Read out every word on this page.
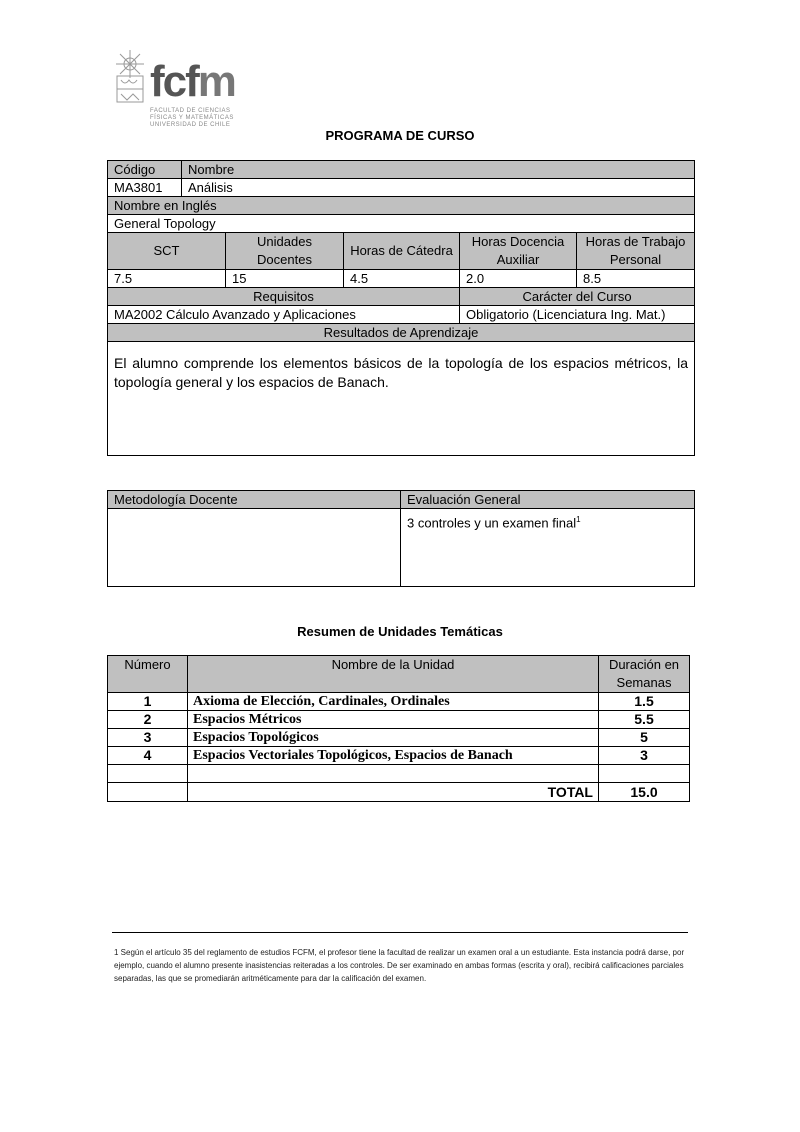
fcfm
FACULTAD DE CIENCIAS
FÍSICAS Y MATEMÁTICAS
UNIVERSIDAD DE CHILE
PROGRAMA DE CURSO
Código	Nombre				
MA3801	Análisis				
Nombre en Inglés					
General Topology					
SCT		Unidades Docentes	Horas de Cátedra	Horas Docencia Auxiliar	Horas de Trabajo Personal
7.5		15	4.5	2.0	8.5
Requisitos				Carácter del Curso	
MA2002 Cálculo Avanzado y Aplicaciones				Obligatorio (Licenciatura Ing. Mat.)	
Resultados de Aprendizaje					
El alumno comprende los elementos básicos de la topología de los espacios métricos, la topología general y los espacios de Banach.					
Metodología Docente	Evaluación General
	3 controles y un examen final$^1$
Resumen de Unidades Temáticas
Número	Nombre de la Unidad	Duración en Semanas
1	Axioma de Elección, Cardinales, Ordinales	1.5
2	Espacios Métricos	5.5
3	Espacios Topológicos	5
4	Espacios Vectoriales Topológicos, Espacios de Banach	3

	TOTAL	15.0
1 Según el artículo 35 del reglamento de estudios FCFM, el profesor tiene la facultad de realizar un examen oral a un estudiante. Esta instancia podrá darse, por ejemplo, cuando el alumno presente inasistencias reiteradas a los controles. De ser examinado en ambas formas (escrita y oral), recibirá calificaciones parciales separadas, las que se promediarán aritméticamente para dar la calificación del examen.
